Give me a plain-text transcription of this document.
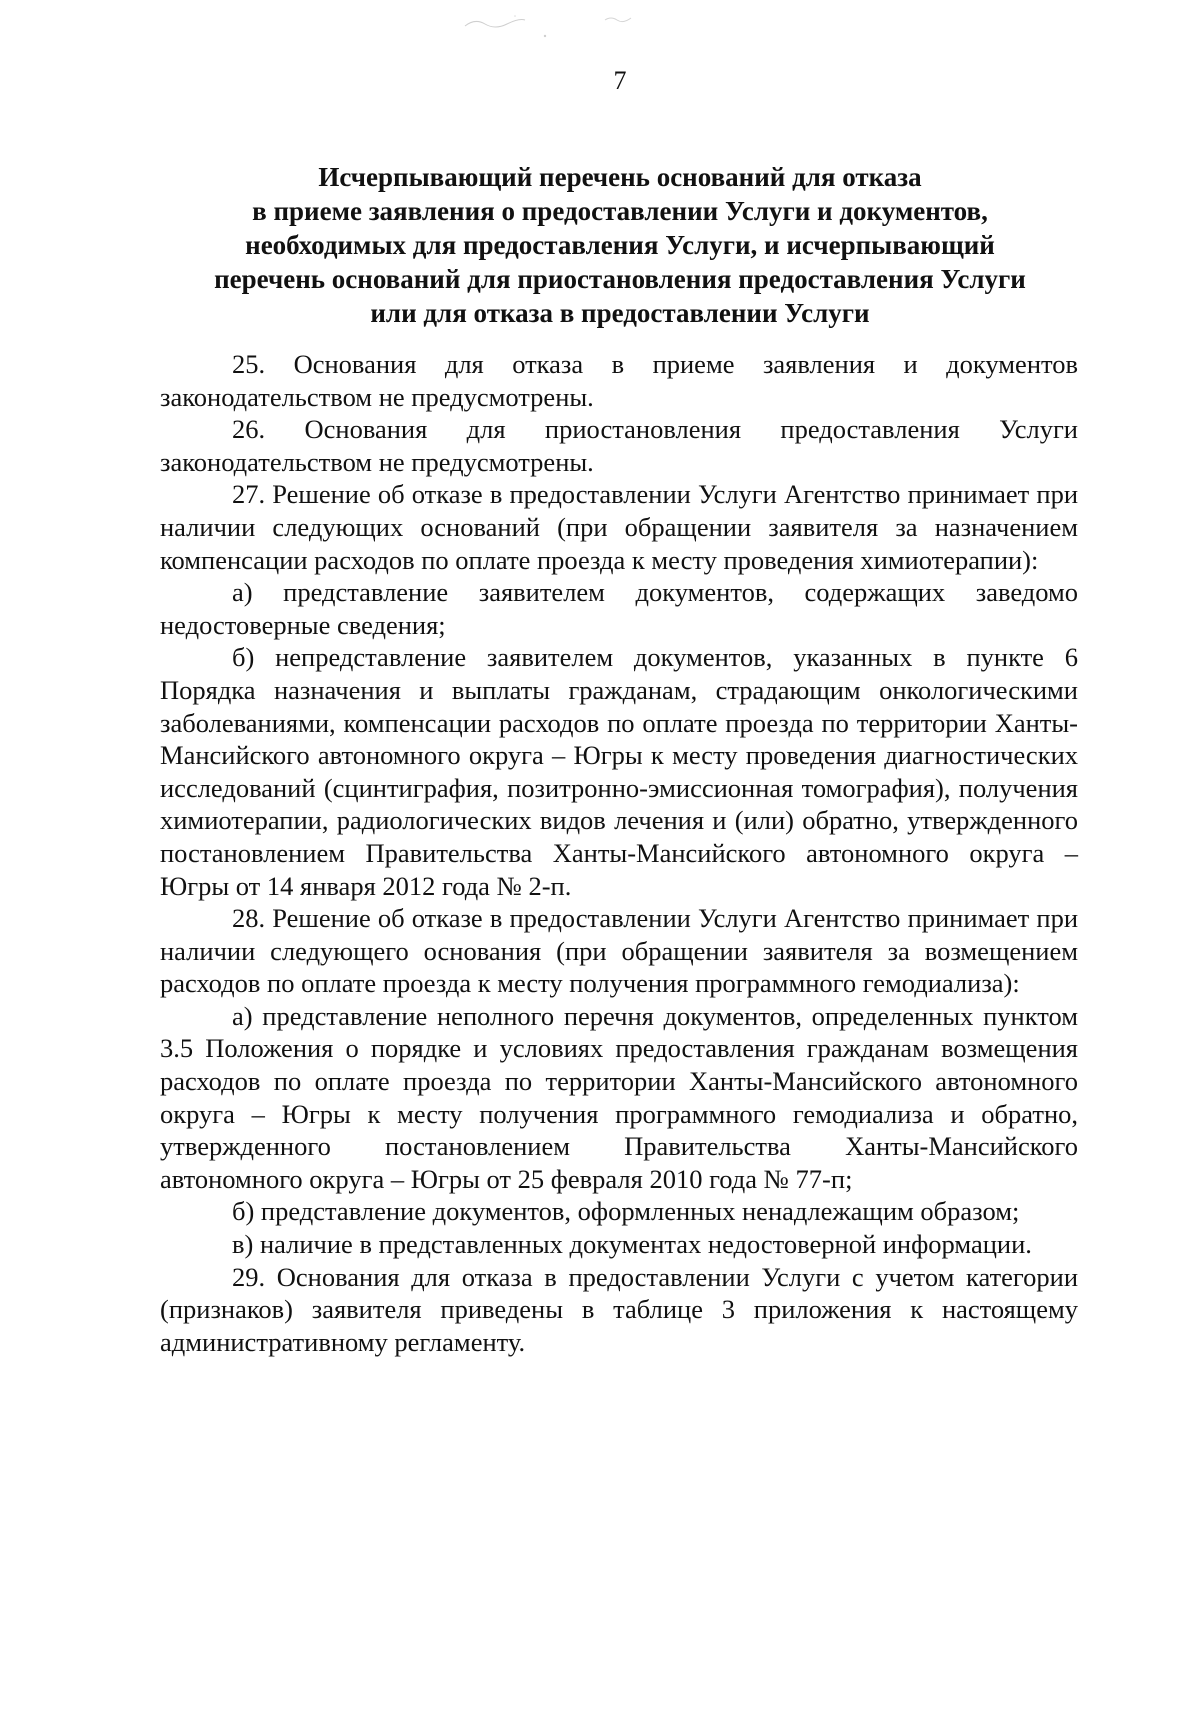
7
Исчерпывающий перечень оснований для отказа
в приеме заявления о предоставлении Услуги и документов,
необходимых для предоставления Услуги, и исчерпывающий
перечень оснований для приостановления предоставления Услуги
или для отказа в предоставлении Услуги

25. Основания для отказа в приеме заявления и документов законодательством не предусмотрены.

26. Основания для приостановления предоставления Услуги законодательством не предусмотрены.

27. Решение об отказе в предоставлении Услуги Агентство принимает при наличии следующих оснований (при обращении заявителя за назначением компенсации расходов по оплате проезда к месту проведения химиотерапии):

а) представление заявителем документов, содержащих заведомо недостоверные сведения;

б) непредставление заявителем документов, указанных в пункте 6 Порядка назначения и выплаты гражданам, страдающим онкологическими заболеваниями, компенсации расходов по оплате проезда по территории Ханты-Мансийского автономного округа – Югры к месту проведения диагностических исследований (сцинтиграфия, позитронно-эмиссионная томография), получения химиотерапии, радиологических видов лечения и (или) обратно, утвержденного постановлением Правительства Ханты-Мансийского автономного округа – Югры от 14 января 2012 года № 2-п.

28. Решение об отказе в предоставлении Услуги Агентство принимает при наличии следующего основания (при обращении заявителя за возмещением расходов по оплате проезда к месту получения программного гемодиализа):

а) представление неполного перечня документов, определенных пунктом 3.5 Положения о порядке и условиях предоставления гражданам возмещения расходов по оплате проезда по территории Ханты-Мансийского автономного округа – Югры к месту получения программного гемодиализа и обратно, утвержденного постановлением Правительства Ханты-Мансийского автономного округа – Югры от 25 февраля 2010 года № 77-п;

б) представление документов, оформленных ненадлежащим образом;

в) наличие в представленных документах недостоверной информации.

29. Основания для отказа в предоставлении Услуги с учетом категории (признаков) заявителя приведены в таблице 3 приложения к настоящему административному регламенту.
